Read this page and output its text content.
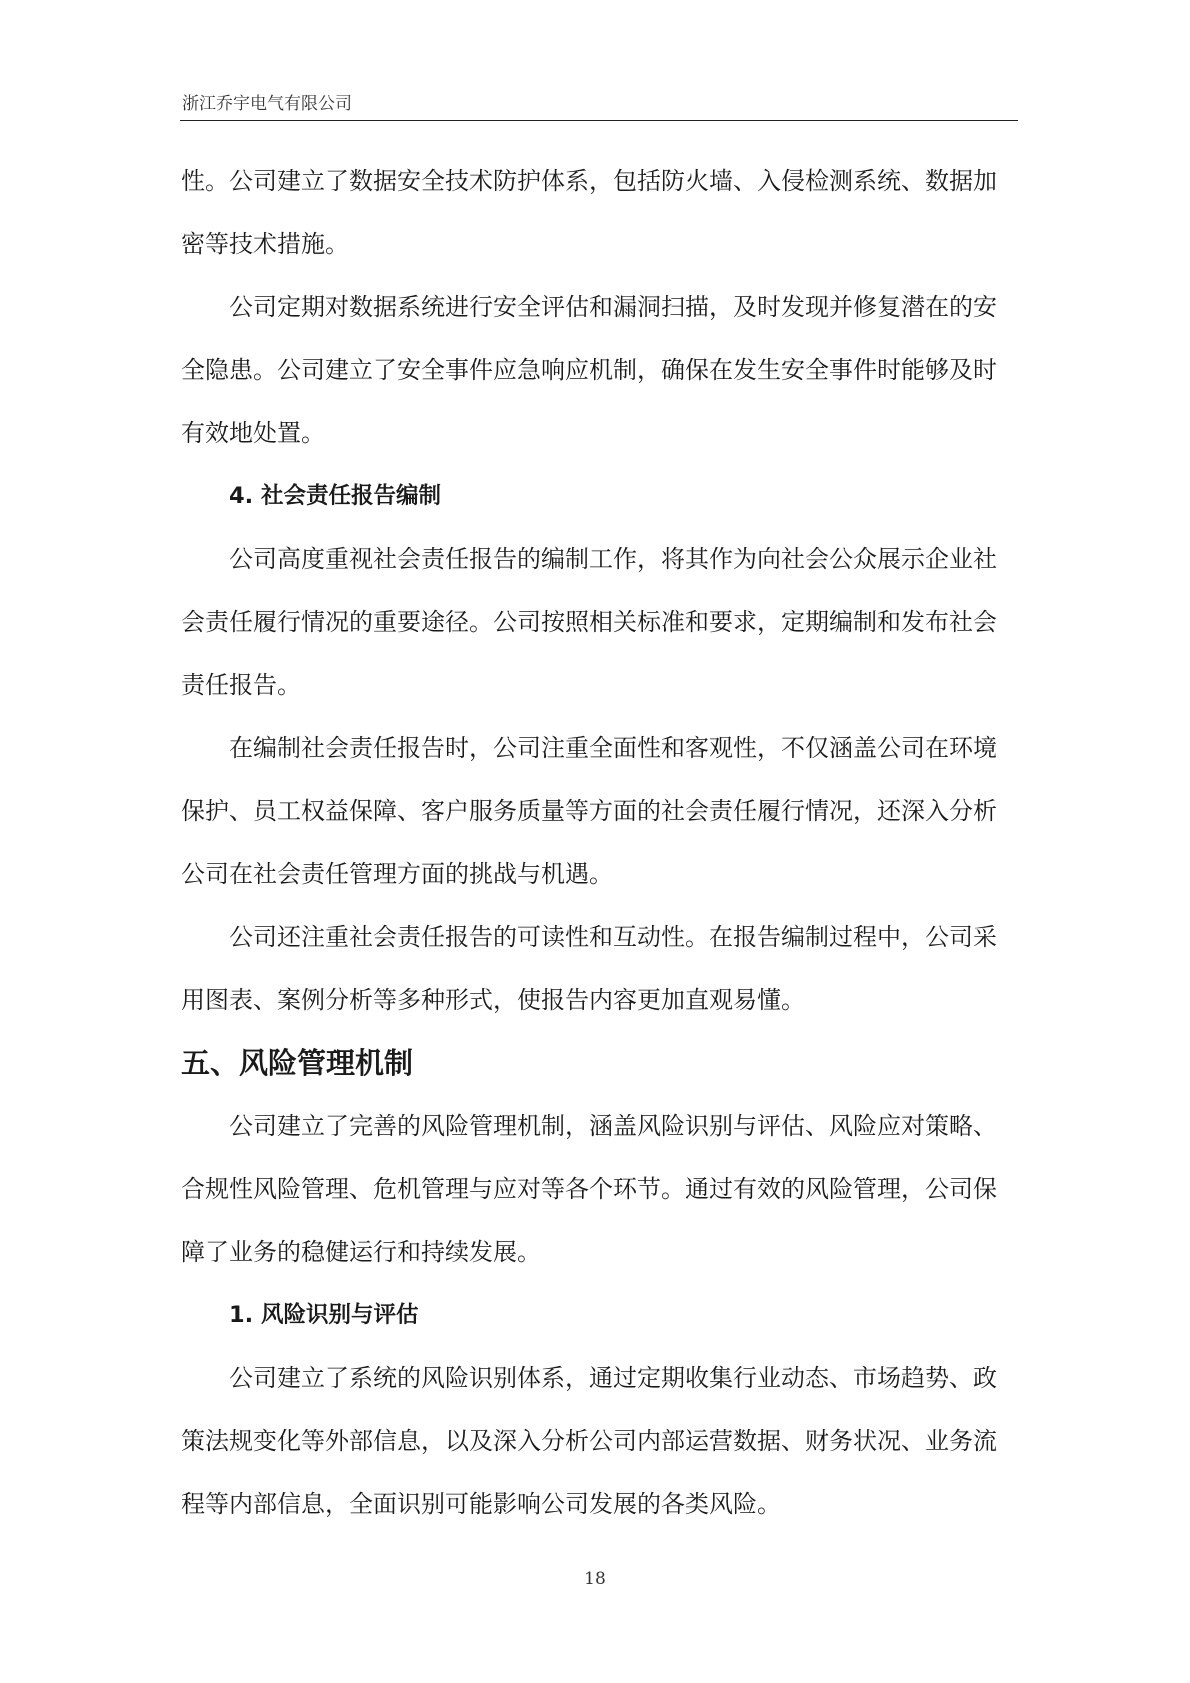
浙江乔宇电气有限公司
性。公司建立了数据安全技术防护体系，包括防火墙、入侵检测系统、数据加
密等技术措施。
公司定期对数据系统进行安全评估和漏洞扫描，及时发现并修复潜在的安
全隐患。公司建立了安全事件应急响应机制，确保在发生安全事件时能够及时
有效地处置。
4. 社会责任报告编制
公司高度重视社会责任报告的编制工作，将其作为向社会公众展示企业社
会责任履行情况的重要途径。公司按照相关标准和要求，定期编制和发布社会
责任报告。
在编制社会责任报告时，公司注重全面性和客观性，不仅涵盖公司在环境
保护、员工权益保障、客户服务质量等方面的社会责任履行情况，还深入分析
公司在社会责任管理方面的挑战与机遇。
公司还注重社会责任报告的可读性和互动性。在报告编制过程中，公司采
用图表、案例分析等多种形式，使报告内容更加直观易懂。
五、风险管理机制
公司建立了完善的风险管理机制，涵盖风险识别与评估、风险应对策略、
合规性风险管理、危机管理与应对等各个环节。通过有效的风险管理，公司保
障了业务的稳健运行和持续发展。
1. 风险识别与评估
公司建立了系统的风险识别体系，通过定期收集行业动态、市场趋势、政
策法规变化等外部信息，以及深入分析公司内部运营数据、财务状况、业务流
程等内部信息，全面识别可能影响公司发展的各类风险。
18
